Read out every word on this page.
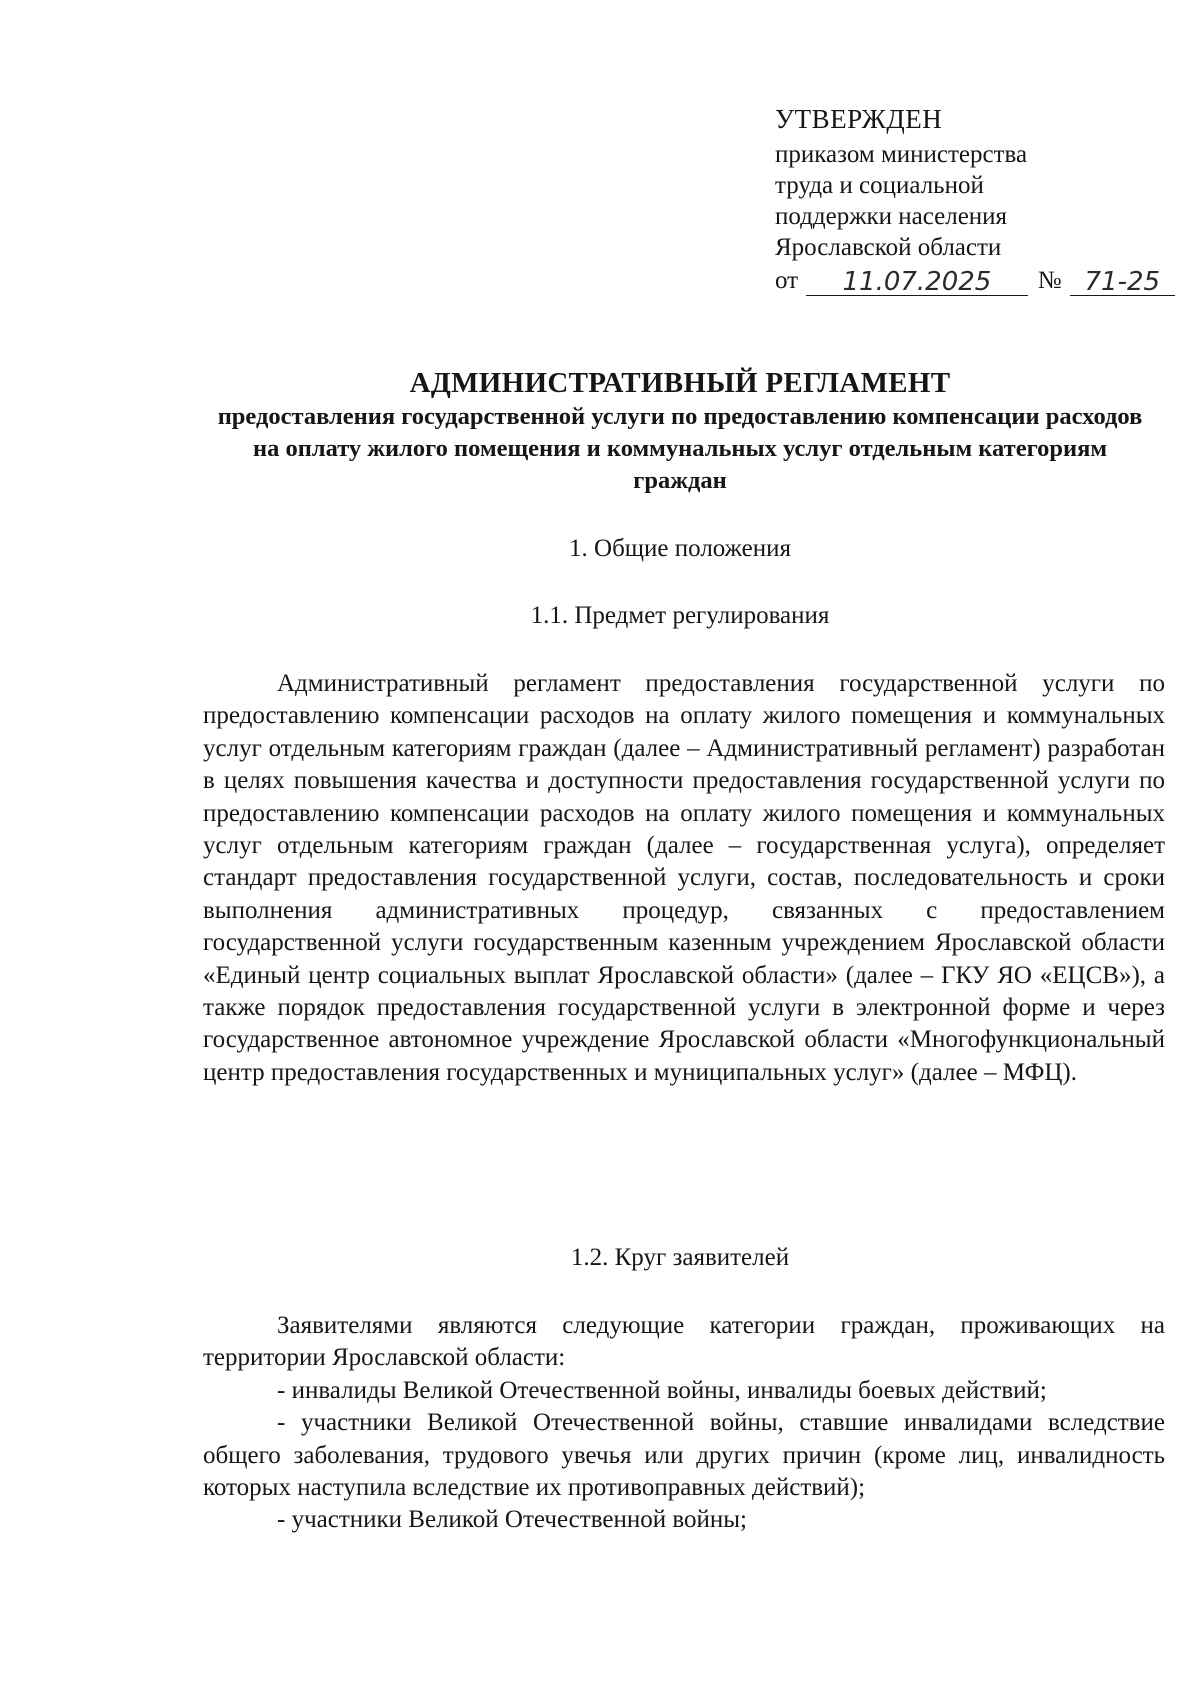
УТВЕРЖДЕН
приказом министерства
труда и социальной
поддержки населения
Ярославской области
от	11.07.2025	№ 71-25
АДМИНИСТРАТИВНЫЙ РЕГЛАМЕНТ
предоставления государственной услуги по предоставлению компенсации расходов на оплату жилого помещения и коммунальных услуг отдельным категориям граждан
1. Общие положения
1.1. Предмет регулирования

Административный регламент предоставления государственной услуги по предоставлению компенсации расходов на оплату жилого помещения и коммунальных услуг отдельным категориям граждан (далее – Административный регламент) разработан в целях повышения качества и доступности предоставления государственной услуги по предоставлению компенсации расходов на оплату жилого помещения и коммунальных услуг отдельным категориям граждан (далее – государственная услуга), определяет стандарт предоставления государственной услуги, состав, последовательность и сроки выполнения административных процедур, связанных с предоставлением государственной услуги государственным казенным учреждением Ярославской области «Единый центр социальных выплат Ярославской области» (далее – ГКУ ЯО «ЕЦСВ»), а также порядок предоставления государственной услуги в электронной форме и через государственное автономное учреждение Ярославской области «Многофункциональный центр предоставления государственных и муниципальных услуг» (далее – МФЦ).

1.2. Круг заявителей

Заявителями являются следующие категории граждан, проживающих на территории Ярославской области:

- инвалиды Великой Отечественной войны, инвалиды боевых действий;

- участники Великой Отечественной войны, ставшие инвалидами вследствие общего заболевания, трудового увечья или других причин (кроме лиц, инвалидность которых наступила вследствие их противоправных действий);

- участники Великой Отечественной войны;
